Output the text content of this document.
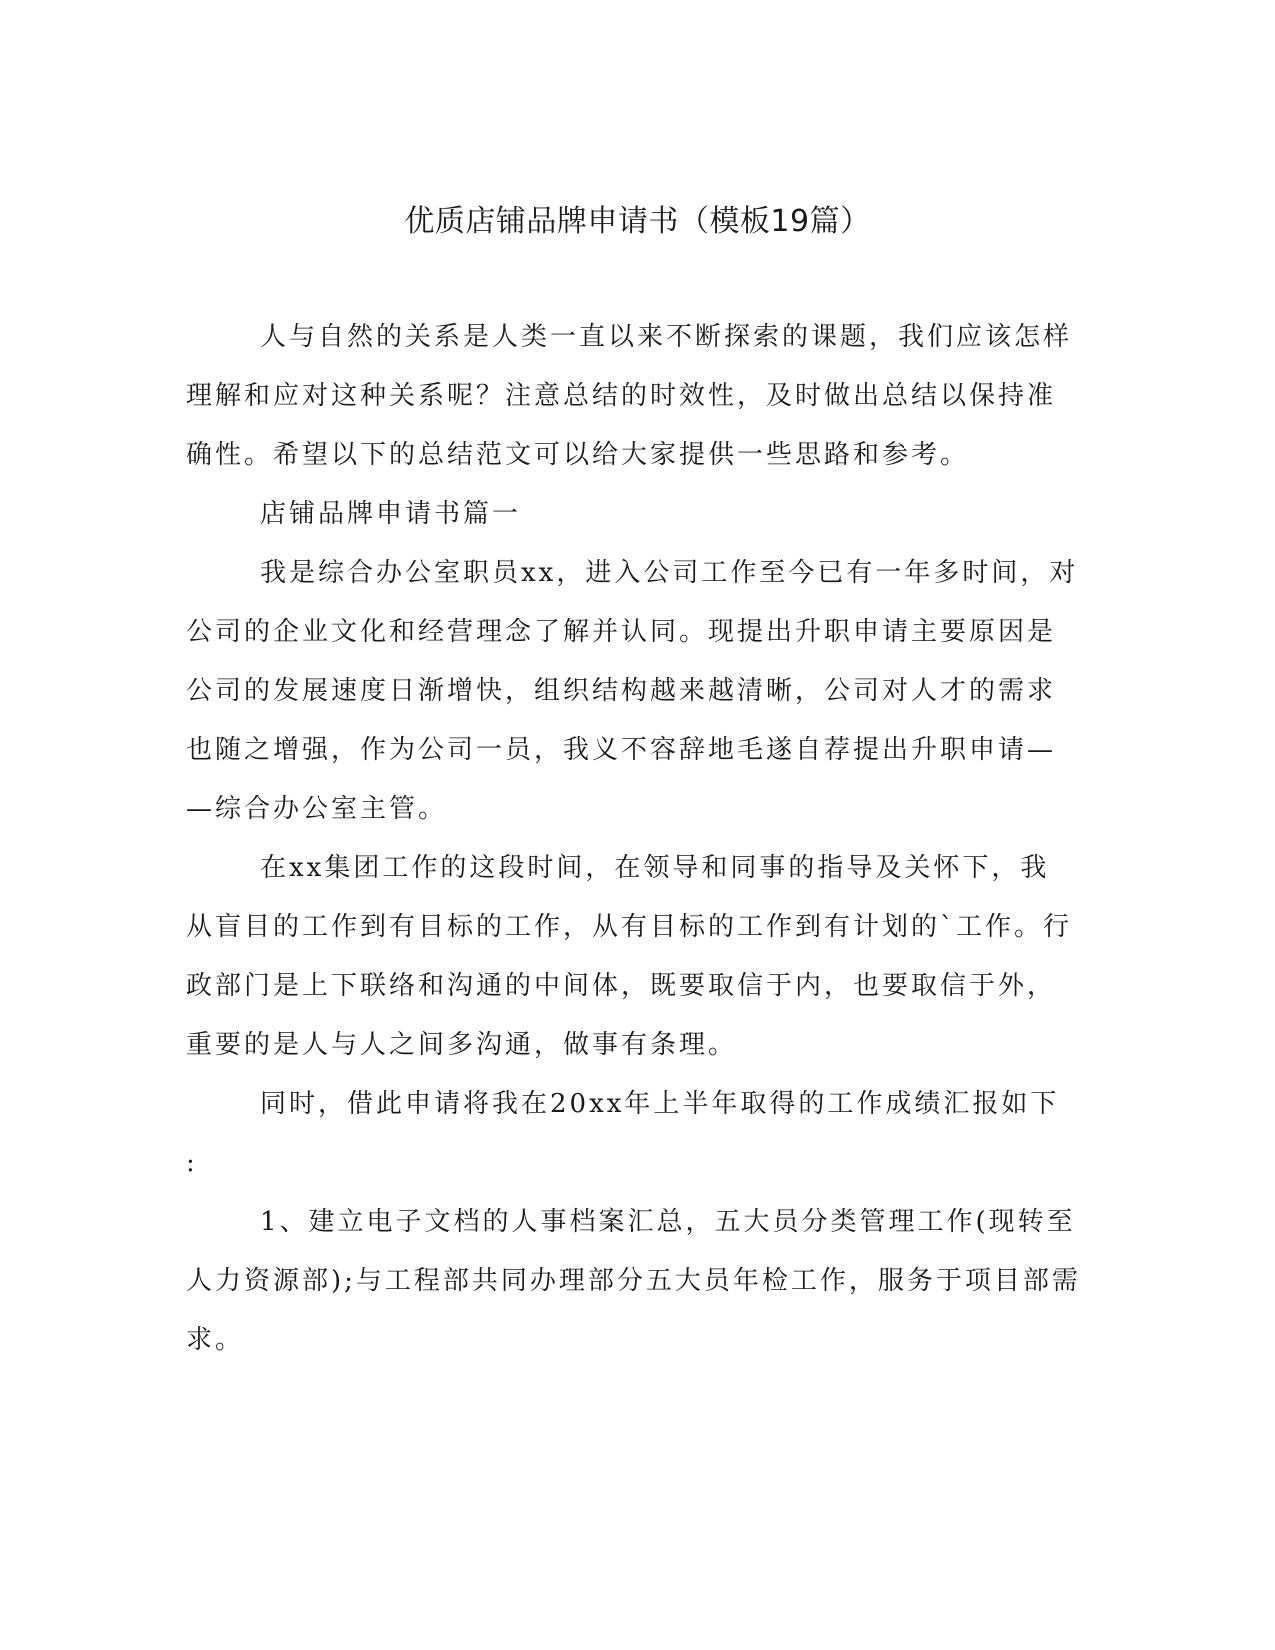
优质店铺品牌申请书（模板19篇）
人与自然的关系是人类一直以来不断探索的课题，我们应该怎样
理解和应对这种关系呢？注意总结的时效性，及时做出总结以保持准
确性。希望以下的总结范文可以给大家提供一些思路和参考。
店铺品牌申请书篇一
我是综合办公室职员xx，进入公司工作至今已有一年多时间，对
公司的企业文化和经营理念了解并认同。现提出升职申请主要原因是
公司的发展速度日渐增快，组织结构越来越清晰，公司对人才的需求
也随之增强，作为公司一员，我义不容辞地毛遂自荐提出升职申请—
—综合办公室主管。
在xx集团工作的这段时间，在领导和同事的指导及关怀下，我
从盲目的工作到有目标的工作，从有目标的工作到有计划的`工作。行
政部门是上下联络和沟通的中间体，既要取信于内，也要取信于外，
重要的是人与人之间多沟通，做事有条理。
同时，借此申请将我在20xx年上半年取得的工作成绩汇报如下
:
1、建立电子文档的人事档案汇总，五大员分类管理工作(现转至
人力资源部);与工程部共同办理部分五大员年检工作，服务于项目部需
求。
